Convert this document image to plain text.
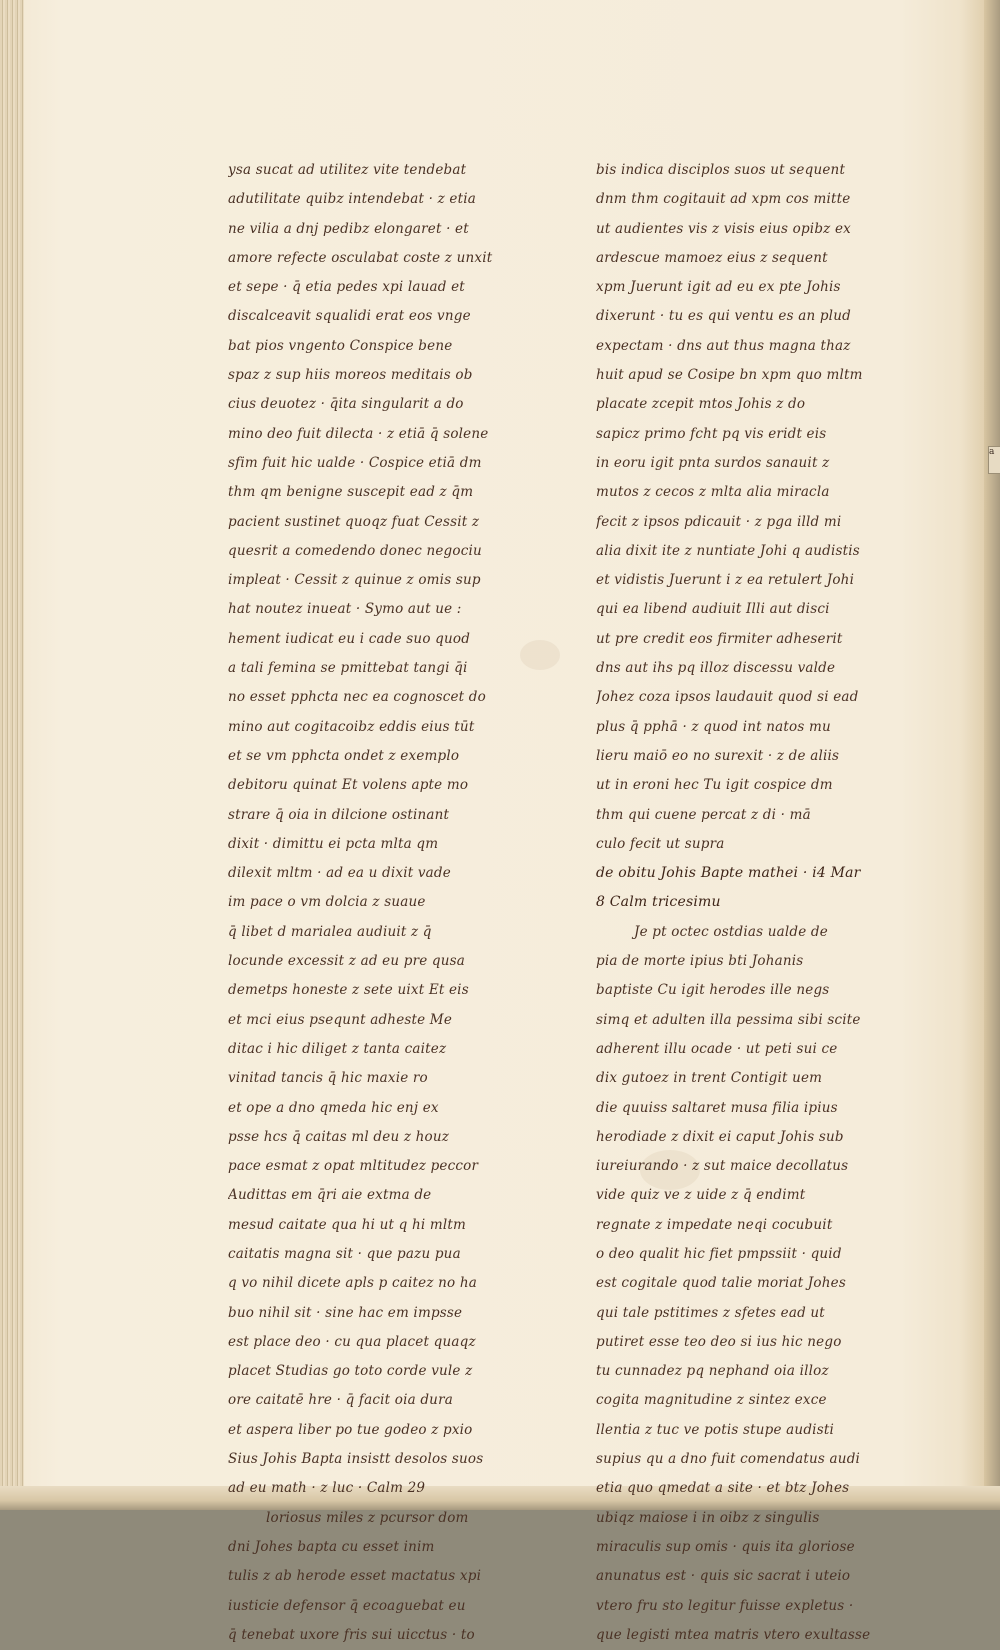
a
ysa sucat ad utilitez vite tendebat
adutilitate quibz intendebat · z etia
ne vilia a dnj pedibz elongaret · et
amore refecte osculabat coste z unxit
et sepe · q̄ etia pedes xpi lauad et
discalceavit squalidi erat eos vnge
bat pios vngento Conspice bene
spaz z sup hiis moreos meditais ob
cius deuotez · q̄ita singularit a do
mino deo fuit dilecta · z etiā q̄ solene
sfim fuit hic ualde · Cospice etiā dm
thm qm benigne suscepit ead z q̄m
pacient sustinet quoqz fuat Cessit z
quesrit a comedendo donec negociu
impleat · Cessit z quinue z omis sup
hat noutez inueat · Symo aut ue :
hement iudicat eu i cade suo quod
a tali femina se pmittebat tangi q̄i
no esset pphcta nec ea cognoscet do
mino aut cogitacoibz eddis eius tūt
et se vm pphcta ondet z exemplo
debitoru quinat Et volens apte mo
strare q̄ oia in dilcione ostinant
dixit · dimittu ei pcta mlta qm
dilexit mltm · ad ea u dixit vade
im pace o vm dolcia z suaue
q̄ libet d marialea audiuit z q̄
locunde excessit z ad eu pre qusa
demetps honeste z sete uixt Et eis
et mci eius psequnt adheste Me
ditac i hic diliget z tanta caitez
vinitad tancis q̄ hic maxie ro
et ope a dno qmeda hic enj ex
psse hcs q̄ caitas ml deu z houz
pace esmat z opat mltitudez peccor
Audittas em q̄ri aie extma de
mesud caitate qua hi ut q hi mltm
caitatis magna sit · que pazu pua
q vo nihil dicete apls p caitez no ha
buo nihil sit · sine hac em impsse
est place deo · cu qua placet quaqz
placet Studias go toto corde vule z
ore caitatē hre · q̄ facit oia dura
et aspera liber po tue godeo z pxio
Sius Johis Bapta insistt desolos suos
ad eu math · z luc · Calm 29
loriosus miles z pcursor dom
dni Johes bapta cu esset inim
tulis z ab herode esset mactatus xpi
iusticie defensor q̄ ecoaguebat eu
q̄ tenebat uxore fris sui uicctus · to
bis indica disciplos suos ut sequent
dnm thm cogitauit ad xpm cos mitte
ut audientes vis z visis eius opibz ex
ardescue mamoez eius z sequent
xpm Juerunt igit ad eu ex pte Johis
dixerunt · tu es qui ventu es an plud
expectam · dns aut thus magna thaz
huit apud se Cosipe bn xpm quo mltm
placate zcepit mtos Johis z do
sapicz primo fcht pq vis eridt eis
in eoru igit pnta surdos sanauit z
mutos z cecos z mlta alia miracla
fecit z ipsos pdicauit · z pga illd mi
alia dixit ite z nuntiate Johi q audistis
et vidistis Juerunt i z ea retulert Johi
qui ea libend audiuit Illi aut disci
ut pre credit eos firmiter adheserit
dns aut ihs pq illoz discessu valde
Johez coza ipsos laudauit quod si ead
plus q̄ pphā · z quod int natos mu
lieru maiō eo no surexit · z de aliis
ut in eroni hec Tu igit cospice dm
thm qui cuene percat z di · mā
culo fecit ut supra
de obitu Johis Bapte mathei · i4 Mar
8 Calm tricesimu
Je pt octec ostdias ualde de
pia de morte ipius bti Johanis
baptiste Cu igit herodes ille negs
simq et adulten illa pessima sibi scite
adherent illu ocade · ut peti sui ce
dix gutoez in trent Contigit uem
die quuiss saltaret musa filia ipius
herodiade z dixit ei caput Johis sub
iureiurando · z sut maice decollatus
vide quiz ve z uide z q̄ endimt
regnate z impedate neqi cocubuit
o deo qualit hic fiet pmpssiit · quid
est cogitale quod talie moriat Johes
qui tale pstitimes z sfetes ead ut
putiret esse teo deo si ius hic nego
tu cunnadez pq nephand oia illoz
cogita magnitudine z sintez exce
llentia z tuc ve potis stupe audisti
supius qu a dno fuit comendatus audi
etia quo qmedat a site · et btz Johes
ubiqz maiose i in oibz z singulis
miraculis sup omis · quis ita gloriose
anunatus est · quis sic sacrat i uteio
vtero fru sto legitur fuisse expletus ·
que legisti mtea matris vtero exultasse
